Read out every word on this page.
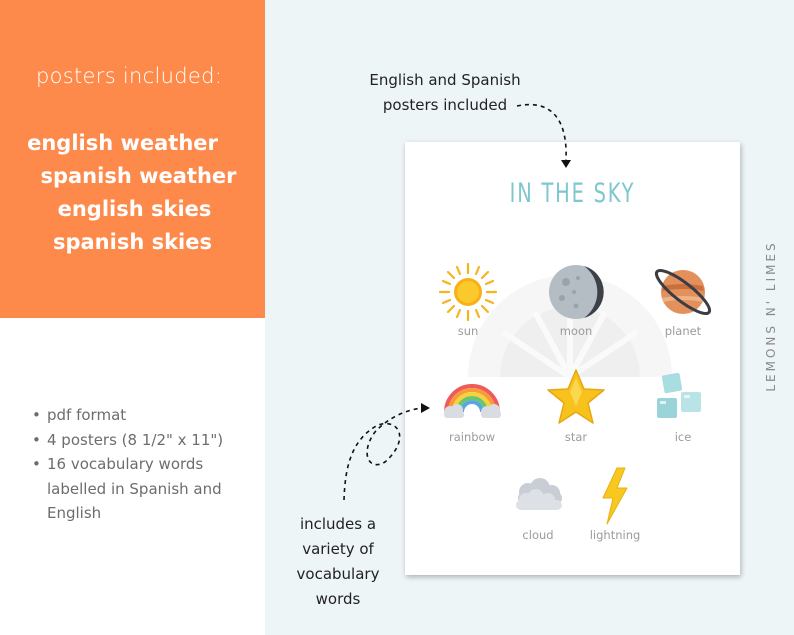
posters included:
english weather
spanish weather
english skies
spanish skies
• pdf format
• 4 posters (8 1/2" x 11")
• 16 vocabulary words labelled in Spanish and English
English and Spanish posters included
includes a variety of vocabulary words
IN THE SKY
sun	moon	planet
rainbow	star	ice
cloud	lightning
LEMONS N' LIMES
